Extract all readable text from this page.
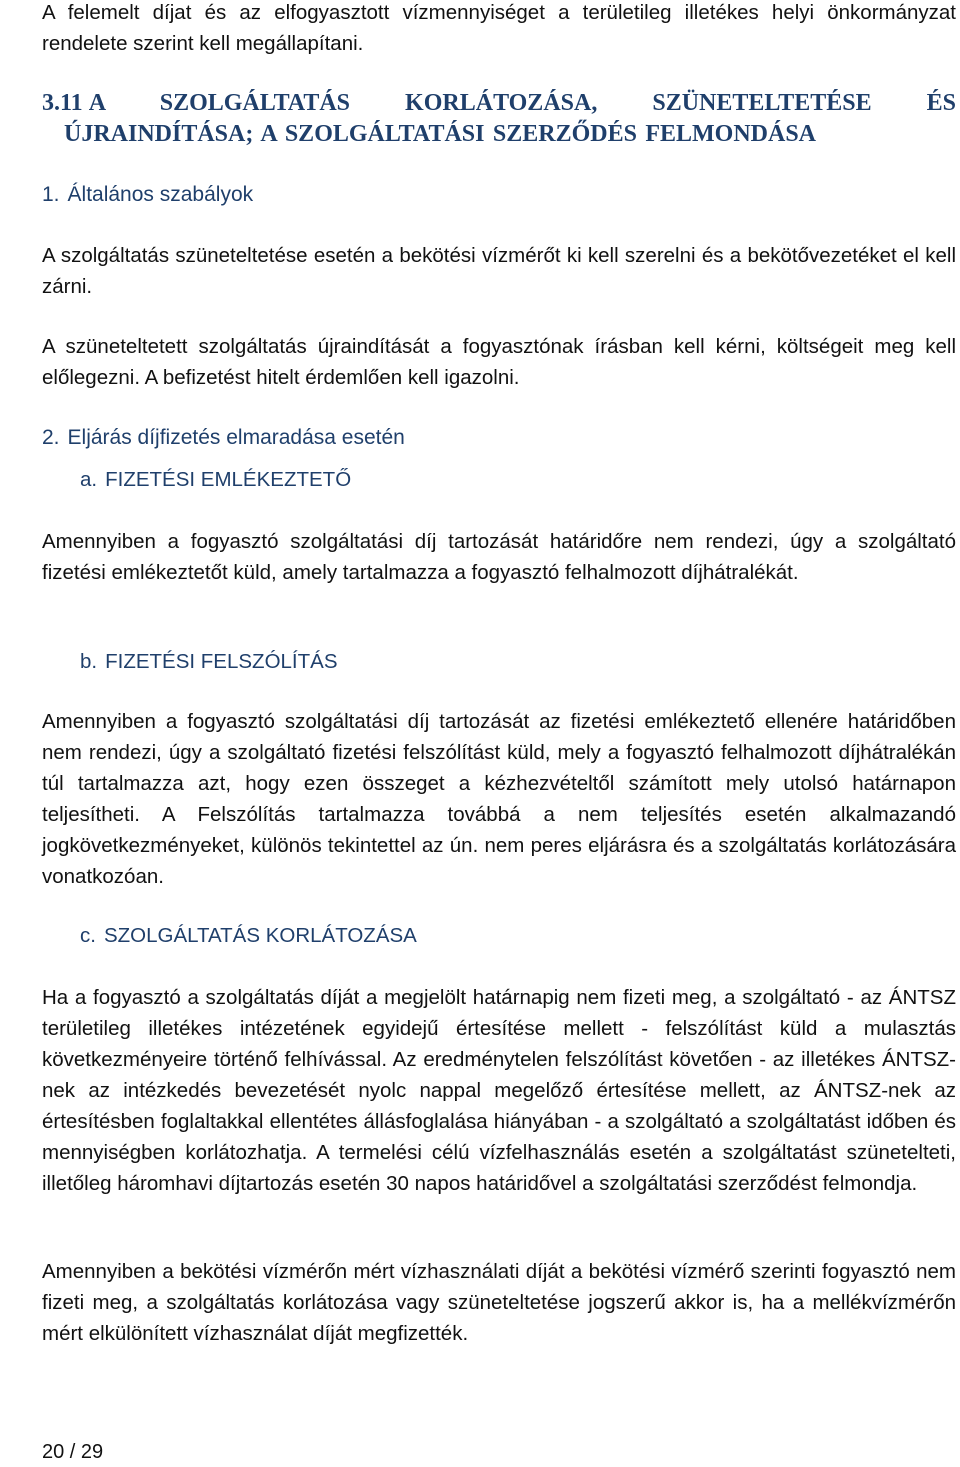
A felemelt díjat és az elfogyasztott vízmennyiséget a területileg illetékes helyi önkormányzat rendelete szerint kell megállapítani.

3.11 A SZOLGÁLTATÁS KORLÁTOZÁSA, SZÜNETELTETÉSE ÉS ÚJRAINDÍTÁSA; A SZOLGÁLTATÁSI SZERZŐDÉS FELMONDÁSA
1. Általános szabályok

A szolgáltatás szüneteltetése esetén a bekötési vízmérőt ki kell szerelni és a bekötővezetéket el kell zárni.

A szüneteltetett szolgáltatás újraindítását a fogyasztónak írásban kell kérni, költségeit meg kell előlegezni. A befizetést hitelt érdemlően kell igazolni.

2. Eljárás díjfizetés elmaradása esetén
a. FIZETÉSI EMLÉKEZTETŐ

Amennyiben a fogyasztó szolgáltatási díj tartozását határidőre nem rendezi, úgy a szolgáltató fizetési emlékeztetőt küld, amely tartalmazza a fogyasztó felhalmozott díjhátralékát.

b. FIZETÉSI FELSZÓLÍTÁS

Amennyiben a fogyasztó szolgáltatási díj tartozását az fizetési emlékeztető ellenére határidőben nem rendezi, úgy a szolgáltató fizetési felszólítást küld, mely a fogyasztó felhalmozott díjhátralékán túl tartalmazza azt, hogy ezen összeget a kézhezvételtől számított mely utolsó határnapon teljesítheti. A Felszólítás tartalmazza továbbá a nem teljesítés esetén alkalmazandó jogkövetkezményeket, különös tekintettel az ún. nem peres eljárásra és a szolgáltatás korlátozására vonatkozóan.

c. SZOLGÁLTATÁS KORLÁTOZÁSA

Ha a fogyasztó a szolgáltatás díját a megjelölt határnapig nem fizeti meg, a szolgáltató - az ÁNTSZ területileg illetékes intézetének egyidejű értesítése mellett - felszólítást küld a mulasztás következményeire történő felhívással. Az eredménytelen felszólítást követően - az illetékes ÁNTSZ-nek az intézkedés bevezetését nyolc nappal megelőző értesítése mellett, az ÁNTSZ-nek az értesítésben foglaltakkal ellentétes állásfoglalása hiányában - a szolgáltató a szolgáltatást időben és mennyiségben korlátozhatja. A termelési célú vízfelhasználás esetén a szolgáltatást szünetelteti, illetőleg háromhavi díjtartozás esetén 30 napos határidővel a szolgáltatási szerződést felmondja.

Amennyiben a bekötési vízmérőn mért vízhasználati díját a bekötési vízmérő szerinti fogyasztó nem fizeti meg, a szolgáltatás korlátozása vagy szüneteltetése jogszerű akkor is, ha a mellékvízmérőn mért elkülönített vízhasználat díját megfizették.

20 / 29
